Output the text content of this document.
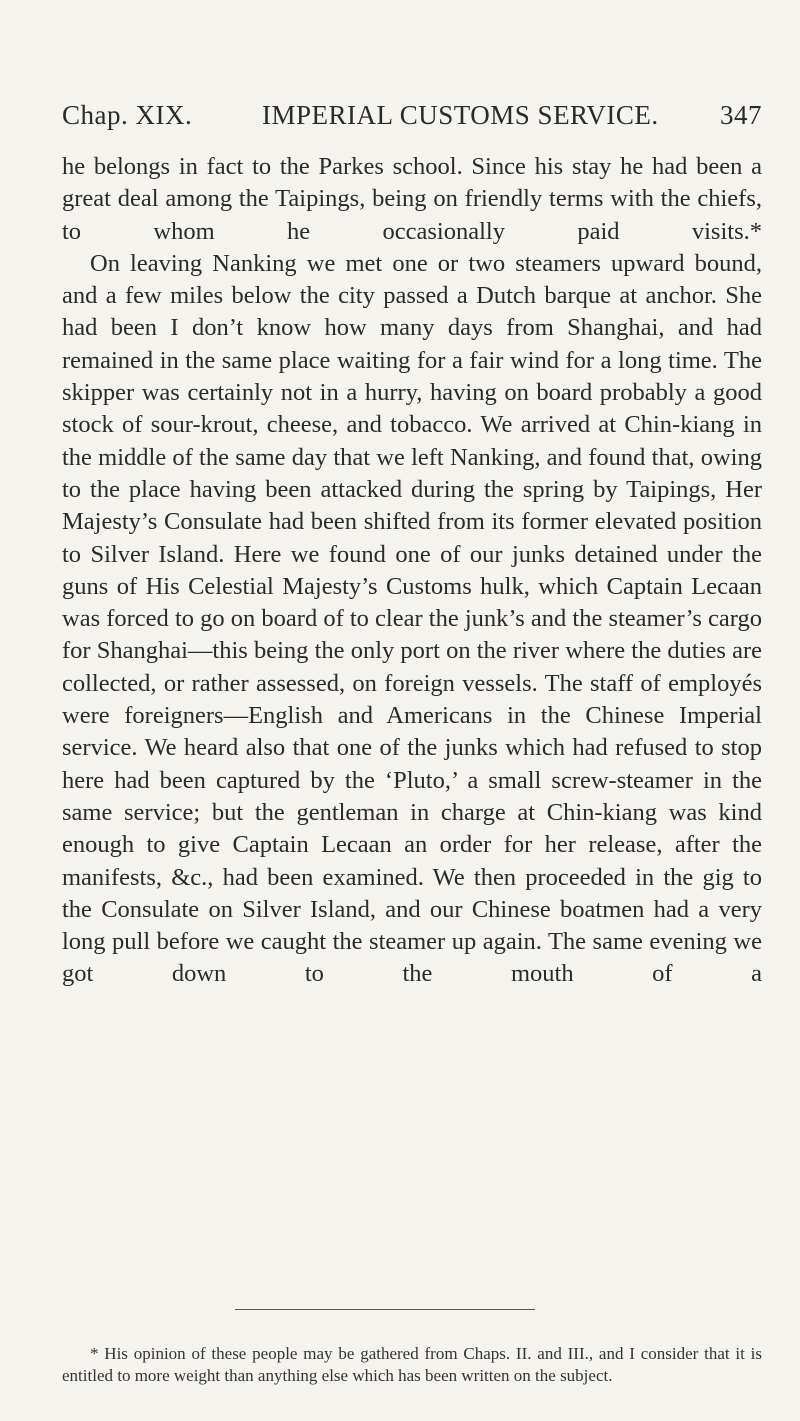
Chap. XIX.	IMPERIAL CUSTOMS SERVICE. 347

he belongs in fact to the Parkes school. Since his stay he had been a great deal among the Taipings, being on friendly terms with the chiefs, to whom he occasionally paid visits.*

On leaving Nanking we met one or two steamers upward bound, and a few miles below the city passed a Dutch barque at anchor. She had been I don’t know how many days from Shanghai, and had remained in the same place waiting for a fair wind for a long time. The skipper was certainly not in a hurry, having on board probably a good stock of sour-krout, cheese, and tobacco. We arrived at Chin-kiang in the middle of the same day that we left Nanking, and found that, owing to the place having been attacked during the spring by Taipings, Her Majesty’s Consulate had been shifted from its former elevated position to Silver Island. Here we found one of our junks detained under the guns of His Celestial Majesty’s Customs hulk, which Captain Lecaan was forced to go on board of to clear the junk’s and the steamer’s cargo for Shanghai—this being the only port on the river where the duties are collected, or rather assessed, on foreign vessels. The staff of employés were foreigners—English and Americans in the Chinese Imperial service. We heard also that one of the junks which had refused to stop here had been captured by the ‘Pluto,’ a small screw-steamer in the same service; but the gentleman in charge at Chin-kiang was kind enough to give Captain Lecaan an order for her release, after the manifests, &c., had been examined. We then proceeded in the gig to the Consulate on Silver Island, and our Chinese boatmen had a very long pull before we caught the steamer up again. The same evening we got down to the mouth of a

* His opinion of these people may be gathered from Chaps. II. and III., and I consider that it is entitled to more weight than anything else which has been written on the subject.
